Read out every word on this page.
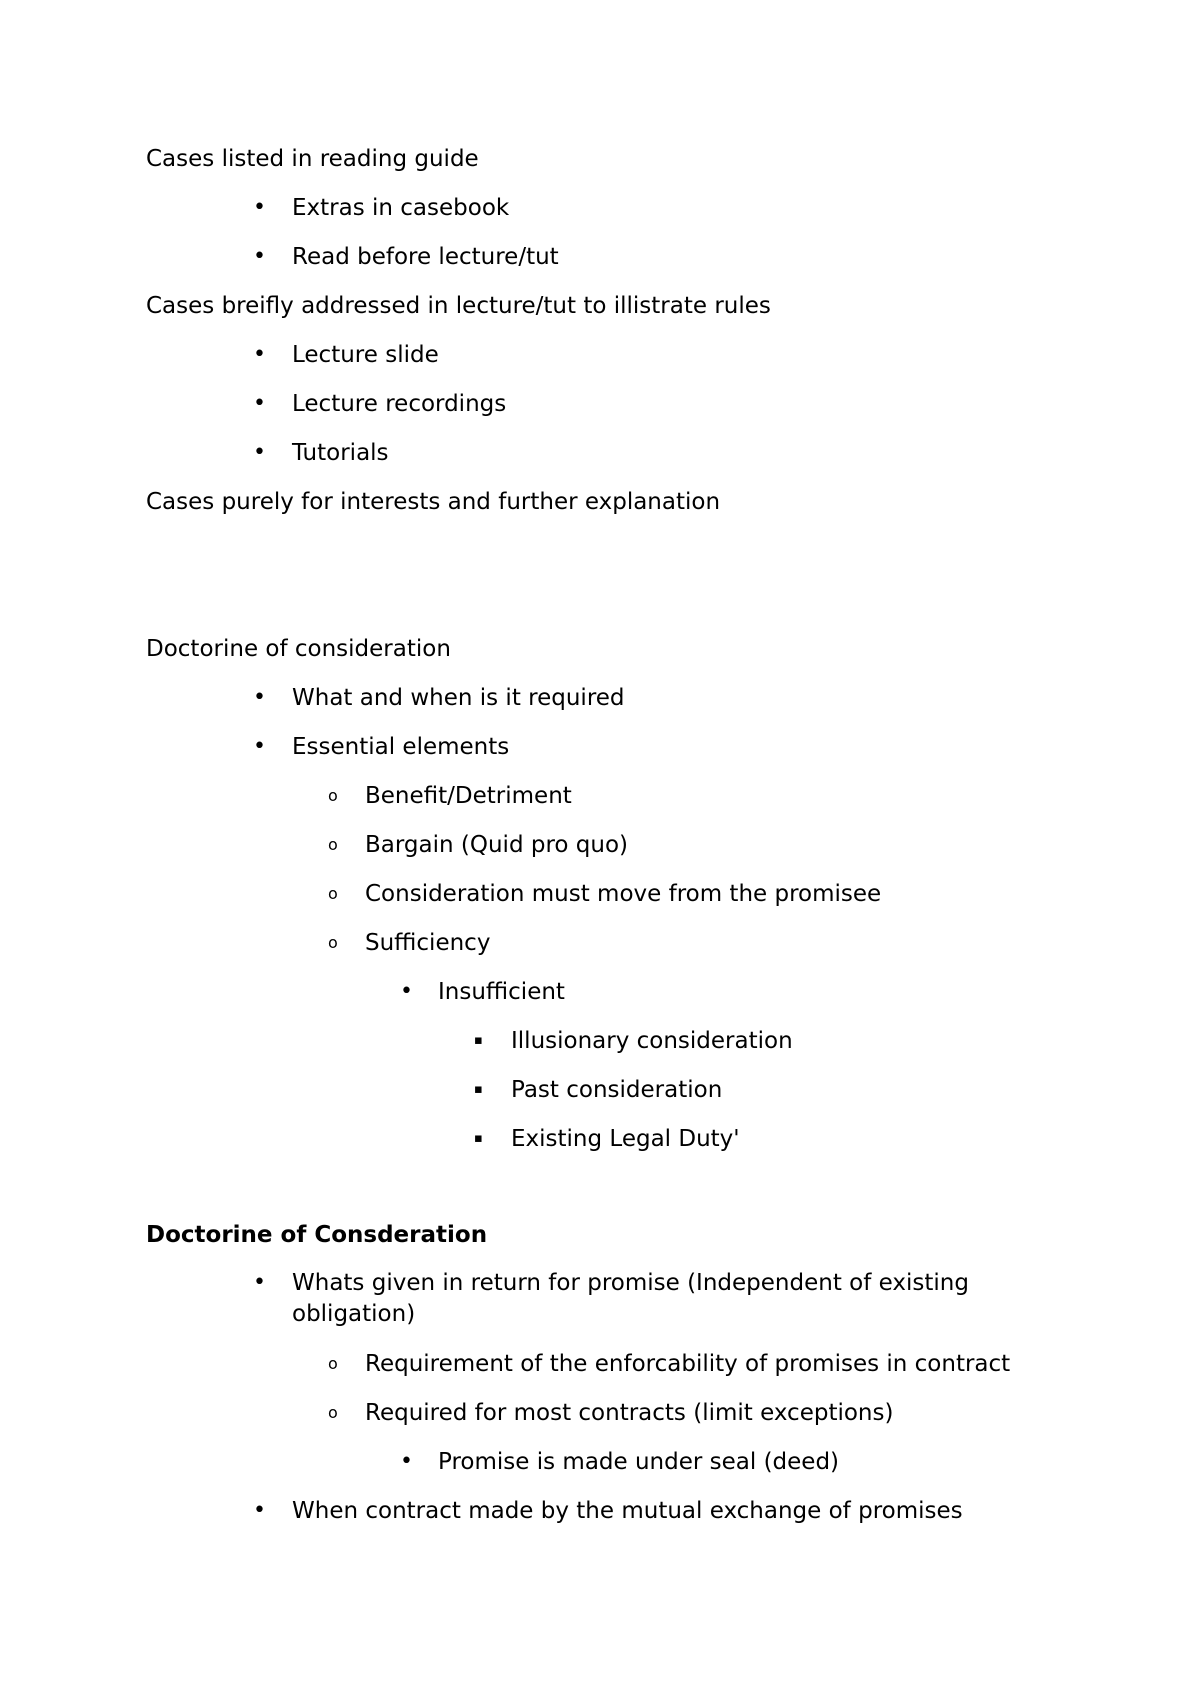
Cases listed in reading guide
• Extras in casebook
• Read before lecture/tut
Cases breifly addressed in lecture/tut to illistrate rules
• Lecture slide
• Lecture recordings
• Tutorials
Cases purely for interests and further explanation
Doctorine of consideration
• What and when is it required
• Essential elements
o Benefit/Detriment
o Bargain (Quid pro quo)
o Consideration must move from the promisee
o Sufficiency
• Insufficient
▪ Illusionary consideration
▪ Past consideration
▪ Existing Legal Duty'
Doctorine of Consderation
• Whats given in return for promise (Independent of existing obligation)
o Requirement of the enforcability of promises in contract
o Required for most contracts (limit exceptions)
• Promise is made under seal (deed)
• When contract made by the mutual exchange of promises
